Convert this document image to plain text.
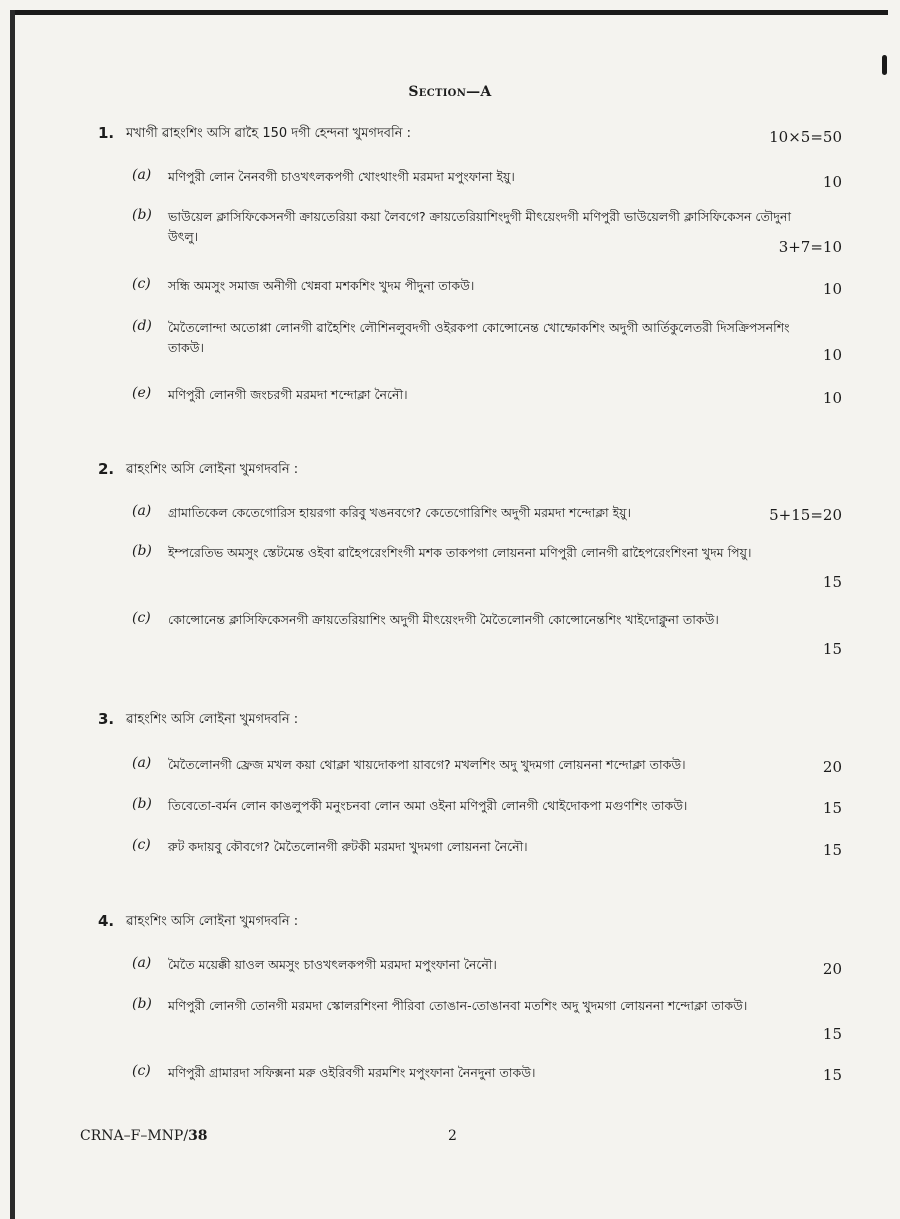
Section—A
1. মখাগী ৱাহংশিং অসি ৱাহৈ 150 দগী হেন্দনা খুমগদবনি :	10×5=50
(a) মণিপুরী লোন নৈনবগী চাওখৎলকপগী খোংথাংগী মরমদা মপুংফানা ইয়ু।	10
(b) ভাউয়েল ক্লাসিফিকেসনগী ক্রায়তেরিয়া কয়া লৈবগে? ক্রায়তেরিয়াশিংদুগী মীৎয়েংদগী মণিপুরী ভাউয়েলগী ক্লাসিফিকেসন তৌদুনা উৎলু।
3+7=10
(c) সন্ধি অমসুং সমাজ অনীগী খেন্নবা মশকশিং খুদম পীদুনা তাকউ।	10
(d) মৈতৈলোন্দা অতোপ্পা লোনগী ৱাহৈশিং লৌশিনলুবদগী ওইরকপা কোন্সোনেন্ত খোম্ফোকশিং অদুগী আর্তিকুলেতরী দিসক্রিপসনশিং তাকউ।	10
(e) মণিপুরী লোনগী জংচরগী মরমদা শন্দোক্লা নৈনৌ।	10
2. ৱাহংশিং অসি লোইনা খুমগদবনি :
(a) গ্রামাতিকেল কেতেগোরিস হায়রগা করিবু খঙনবগে? কেতেগোরিশিং অদুগী মরমদা শন্দোক্লা ইয়ু।	5+15=20
(b) ইম্পরেতিভ অমসুং স্তেটমেন্ত ওইবা ৱাহৈপরেংশিংগী মশক তাকপগা লোয়ননা মণিপুরী লোনগী ৱাহৈপরেংশিংনা খুদম পিয়ু।
15
(c) কোন্সোনেন্ত ক্লাসিফিকেসনগী ক্রায়তেরিয়াশিং অদুগী মীৎয়েংদগী মৈতৈলোনগী কোন্সোনেন্তশিং খাইদোক্নুনা তাকউ।
15
3. ৱাহংশিং অসি লোইনা খুমগদবনি :
(a) মৈতৈলোনগী ফ্রেজ মখল কয়া থোক্লা খায়দোকপা য়াবগে? মখলশিং অদু খুদমগা লোয়ননা শন্দোক্লা তাকউ।	20
(b) তিবেতো-বর্মন লোন কাঙলুপকী মনুংচনবা লোন অমা ওইনা মণিপুরী লোনগী থোইদোকপা মগুণশিং তাকউ।	15
(c) রুট কদায়বু কৌবগে? মৈতৈলোনগী রুটকী মরমদা খুদমগা লোয়ননা নৈনৌ।	15
4. ৱাহংশিং অসি লোইনা খুমগদবনি :
(a) মৈতৈ ময়েক্কী য়াওল অমসুং চাওখৎলকপগী মরমদা মপুংফানা নৈনৌ।	20
(b) মণিপুরী লোনগী তোনগী মরমদা স্কোলরশিংনা পীরিবা তোঙান-তোঙানবা মতশিং অদু খুদমগা লোয়ননা শন্দোক্লা তাকউ।
15
(c) মণিপুরী গ্রামারদা সফিক্সনা মরু ওইরিবগী মরমশিং মপুংফানা নৈনদুনা তাকউ।	15
CRNA–F–MNP/38	2
